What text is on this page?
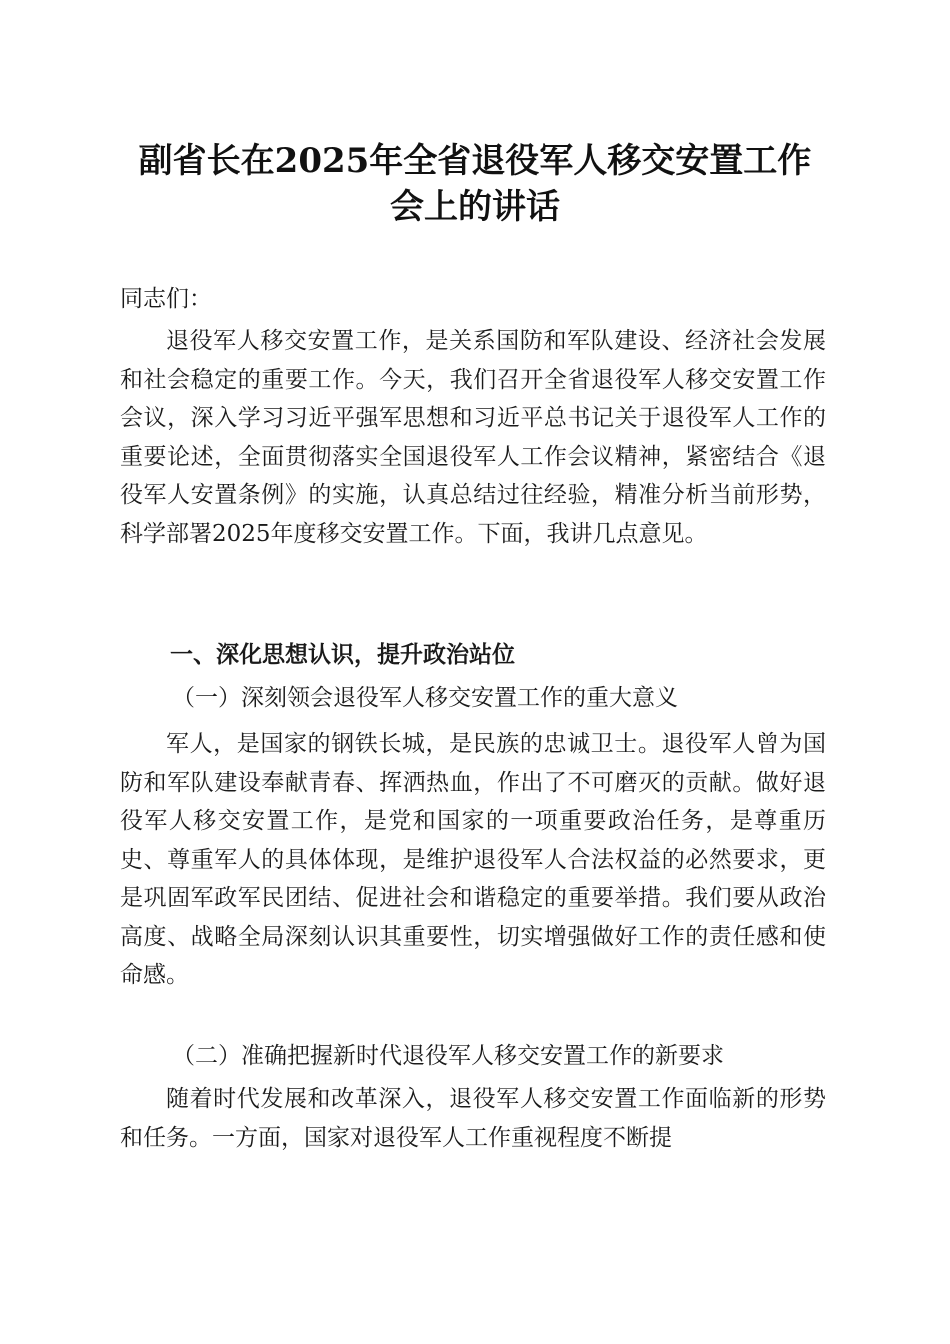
副省长在2025年全省退役军人移交安置工作
会上的讲话

同志们：

退役军人移交安置工作，是关系国防和军队建设、经济社会发展和社会稳定的重要工作。今天，我们召开全省退役军人移交安置工作会议，深入学习习近平强军思想和习近平总书记关于退役军人工作的重要论述，全面贯彻落实全国退役军人工作会议精神，紧密结合《退役军人安置条例》的实施，认真总结过往经验，精准分析当前形势，科学部署2025年度移交安置工作。下面，我讲几点意见。

一、深化思想认识，提升政治站位

（一）深刻领会退役军人移交安置工作的重大意义

军人，是国家的钢铁长城，是民族的忠诚卫士。退役军人曾为国防和军队建设奉献青春、挥洒热血，作出了不可磨灭的贡献。做好退役军人移交安置工作，是党和国家的一项重要政治任务，是尊重历史、尊重军人的具体体现，是维护退役军人合法权益的必然要求，更是巩固军政军民团结、促进社会和谐稳定的重要举措。我们要从政治高度、战略全局深刻认识其重要性，切实增强做好工作的责任感和使命感。

（二）准确把握新时代退役军人移交安置工作的新要求

随着时代发展和改革深入，退役军人移交安置工作面临新的形势和任务。一方面，国家对退役军人工作重视程度不断提
